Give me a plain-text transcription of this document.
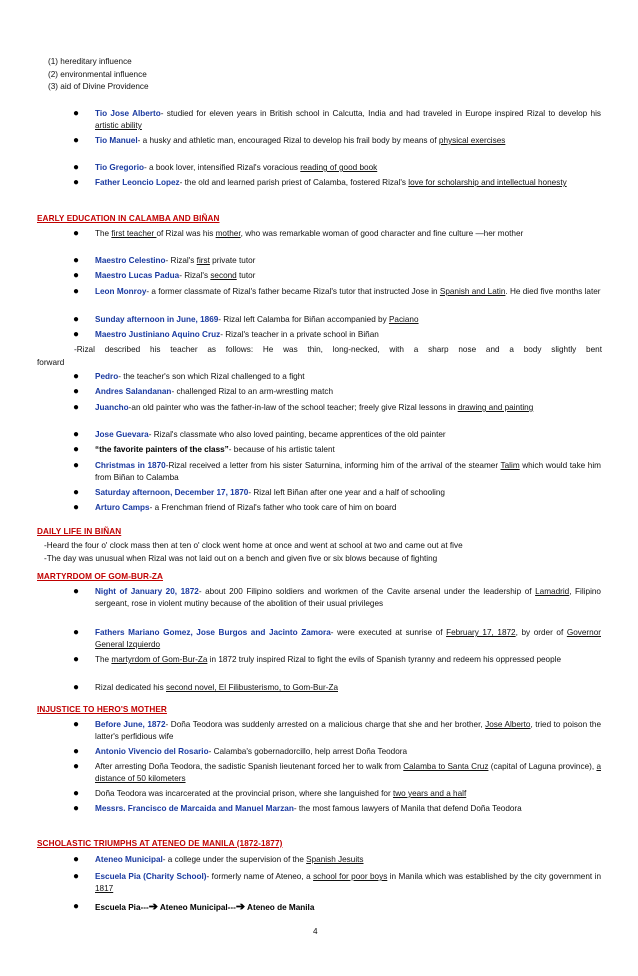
(1) hereditary influence
(2) environmental influence
(3) aid of Divine Providence
● Tio Jose Alberto- studied for eleven years in British school in Calcutta, India and had traveled in Europe inspired Rizal to develop his artistic ability

● Tio Manuel- a husky and athletic man, encouraged Rizal to develop his frail body by means of physical exercises

● Tio Gregorio- a book lover, intensified Rizal's voracious reading of good book

● Father Leoncio Lopez- the old and learned parish priest of Calamba, fostered Rizal's love for scholarship and intellectual honesty

EARLY EDUCATION IN CALAMBA AND BIÑAN
● The first teacher of Rizal was his mother, who was remarkable woman of good character and fine culture —her mother

● Maestro Celestino- Rizal's first private tutor

● Maestro Lucas Padua- Rizal's second tutor

● Leon Monroy- a former classmate of Rizal's father became Rizal's tutor that instructed Jose in Spanish and Latin. He died five months later

● Sunday afternoon in June, 1869- Rizal left Calamba for Biñan accompanied by Paciano

● Maestro Justiniano Aquino Cruz- Rizal's teacher in a private school in Biñan

-Rizal described his teacher as follows: He was thin, long-necked, with a sharp nose and a body slightly bent
forward
● Pedro- the teacher's son which Rizal challenged to a fight

● Andres Salandanan- challenged Rizal to an arm-wrestling match

● Juancho-an old painter who was the father-in-law of the school teacher; freely give Rizal lessons in drawing and painting

● Jose Guevara- Rizal's classmate who also loved painting, became apprentices of the old painter

● “the favorite painters of the class”- because of his artistic talent

● Christmas in 1870-Rizal received a letter from his sister Saturnina, informing him of the arrival of the steamer Talim which would take him from Biñan to Calamba

● Saturday afternoon, December 17, 1870- Rizal left Biñan after one year and a half of schooling

● Arturo Camps- a Frenchman friend of Rizal's father who took care of him on board

DAILY LIFE IN BIÑAN
-Heard the four o' clock mass then at ten o' clock went home at once and went at school at two and came out at five
-The day was unusual when Rizal was not laid out on a bench and given five or six blows because of fighting
MARTYRDOM OF GOM-BUR-ZA
● Night of January 20, 1872- about 200 Filipino soldiers and workmen of the Cavite arsenal under the leadership of Lamadrid, Filipino sergeant, rose in violent mutiny because of the abolition of their usual privileges

● Fathers Mariano Gomez, Jose Burgos and Jacinto Zamora- were executed at sunrise of February 17, 1872, by order of Governor General Izquierdo

● The martyrdom of Gom-Bur-Za in 1872 truly inspired Rizal to fight the evils of Spanish tyranny and redeem his oppressed people

● Rizal dedicated his second novel, El Filibusterismo, to Gom-Bur-Za

INJUSTICE TO HERO'S MOTHER
● Before June, 1872- Doña Teodora was suddenly arrested on a malicious charge that she and her brother, Jose Alberto, tried to poison the latter's perfidious wife

● Antonio Vivencio del Rosario- Calamba's gobernadorcillo, help arrest Doña Teodora

● After arresting Doña Teodora, the sadistic Spanish lieutenant forced her to walk from Calamba to Santa Cruz (capital of Laguna province), a distance of 50 kilometers

● Doña Teodora was incarcerated at the provincial prison, where she languished for two years and a half

● Messrs. Francisco de Marcaida and Manuel Marzan- the most famous lawyers of Manila that defend Doña Teodora

SCHOLASTIC TRIUMPHS AT ATENEO DE MANILA (1872-1877)
● Ateneo Municipal- a college under the supervision of the Spanish Jesuits

● Escuela Pia (Charity School)- formerly name of Ateneo, a school for poor boys in Manila which was established by the city government in 1817

● Escuela Pia---➔ Ateneo Municipal---➔ Ateneo de Manila

4
